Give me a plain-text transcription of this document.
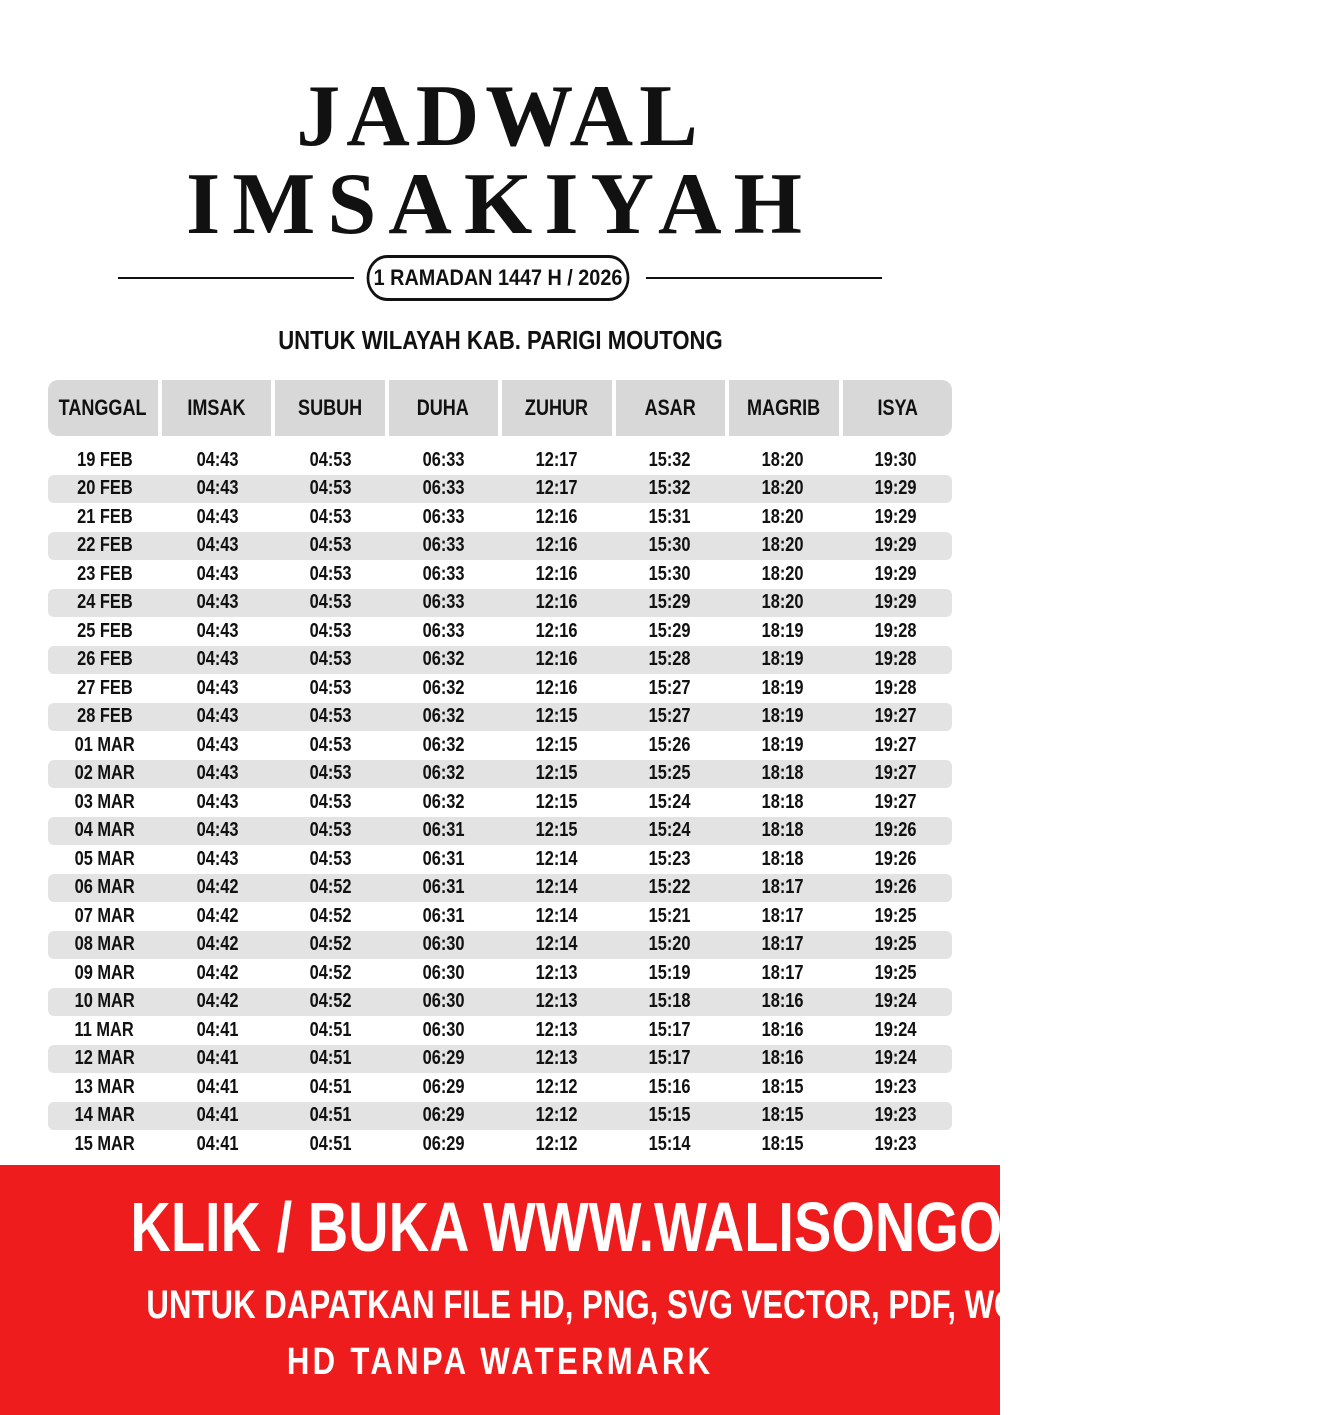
JADWAL
IMSAKIYAH
1 RAMADAN 1447 H / 2026
UNTUK WILAYAH KAB. PARIGI MOUTONG
TANGGAL IMSAK SUBUH	DUHA	ZUHUR	ASAR MAGRIB	ISYA
19 FEB	04:43	04:53	06:33	12:17	15:32	18:20	19:30
20 FEB	04:43	04:53	06:33	12:17	15:32	18:20	19:29
21 FEB	04:43	04:53	06:33	12:16	15:31	18:20	19:29
22 FEB	04:43	04:53	06:33	12:16	15:30	18:20	19:29
23 FEB	04:43	04:53	06:33	12:16	15:30	18:20	19:29
24 FEB	04:43	04:53	06:33	12:16	15:29	18:20	19:29
25 FEB	04:43	04:53	06:33	12:16	15:29	18:19	19:28
26 FEB	04:43	04:53	06:32	12:16	15:28	18:19	19:28
27 FEB	04:43	04:53	06:32	12:16	15:27	18:19	19:28
28 FEB	04:43	04:53	06:32	12:15	15:27	18:19	19:27
01 MAR	04:43	04:53	06:32	12:15	15:26	18:19	19:27
02 MAR	04:43	04:53	06:32	12:15	15:25	18:18	19:27
03 MAR	04:43	04:53	06:32	12:15	15:24	18:18	19:27
04 MAR	04:43	04:53	06:31	12:15	15:24	18:18	19:26
05 MAR	04:43	04:53	06:31	12:14	15:23	18:18	19:26
06 MAR	04:42	04:52	06:31	12:14	15:22	18:17	19:26
07 MAR	04:42	04:52	06:31	12:14	15:21	18:17	19:25
08 MAR	04:42	04:52	06:30	12:14	15:20	18:17	19:25
09 MAR	04:42	04:52	06:30	12:13	15:19	18:17	19:25
10 MAR	04:42	04:52	06:30	12:13	15:18	18:16	19:24
11 MAR	04:41	04:51	06:30	12:13	15:17	18:16	19:24
12 MAR	04:41	04:51	06:29	12:13	15:17	18:16	19:24
13 MAR	04:41	04:51	06:29	12:12	15:16	18:15	19:23
14 MAR	04:41	04:51	06:29	12:12	15:15	18:15	19:23
15 MAR	04:41	04:51	06:29	12:12	15:14	18:15	19:23
KLIK / BUKA WWW.WALISONGO.CO.ID
UNTUK DAPATKAN FILE HD, PNG, SVG VECTOR, PDF, WORD, EXCEL
HD TANPA WATERMARK
